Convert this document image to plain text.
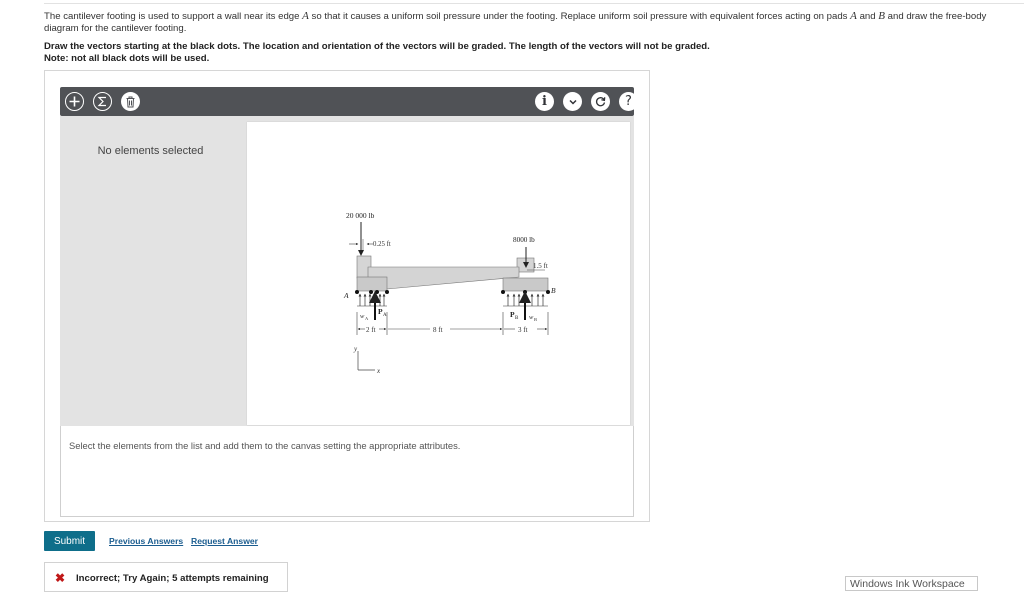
The cantilever footing is used to support a wall near its edge A so that it causes a uniform soil pressure under the footing. Replace uniform soil pressure with equivalent forces acting on pads A and B and draw the free-body diagram for the cantilever footing.
Draw the vectors starting at the black dots. The location and orientation of the vectors will be graded. The length of the vectors will not be graded.
Note: not all black dots will be used.
i	?
No elements selected
20 000 lb
0.25 ft
8000 lb
1.5 ft
A
B
P A
w A	P B w B
2 ft	8 ft	3 ft
y
x
Select the elements from the list and add them to the canvas setting the appropriate attributes.
Submit	Previous Answers Request Answer
✖ Incorrect; Try Again; 5 attempts remaining	Windows Ink Workspace
